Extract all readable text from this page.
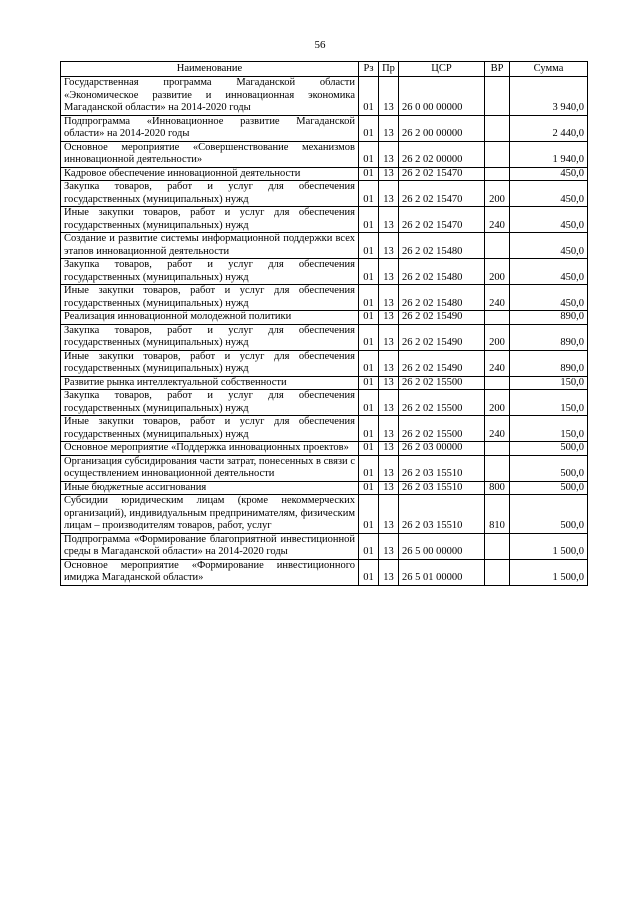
56
Наименование	Рз	Пр	ЦСР	ВР	Сумма
Государственная программа Магаданской области «Экономическое развитие и инновационная экономика Магаданской области» на 2014-2020 годы	01	13	26 0 00 00000		3 940,0
Подпрограмма «Инновационное развитие Магаданской области» на 2014-2020 годы	01	13	26 2 00 00000		2 440,0
Основное мероприятие «Совершенствование механизмов инновационной деятельности»	01	13	26 2 02 00000		1 940,0
Кадровое обеспечение инновационной деятельности	01	13	26 2 02 15470		450,0
Закупка товаров, работ и услуг для обеспечения государственных (муниципальных) нужд	01	13	26 2 02 15470	200	450,0
Иные закупки товаров, работ и услуг для обеспечения государственных (муниципальных) нужд	01	13	26 2 02 15470	240	450,0
Создание и развитие системы информационной поддержки всех этапов инновационной деятельности	01	13	26 2 02 15480		450,0
Закупка товаров, работ и услуг для обеспечения государственных (муниципальных) нужд	01	13	26 2 02 15480	200	450,0
Иные закупки товаров, работ и услуг для обеспечения государственных (муниципальных) нужд	01	13	26 2 02 15480	240	450,0
Реализация инновационной молодежной политики	01	13	26 2 02 15490		890,0
Закупка товаров, работ и услуг для обеспечения государственных (муниципальных) нужд	01	13	26 2 02 15490	200	890,0
Иные закупки товаров, работ и услуг для обеспечения государственных (муниципальных) нужд	01	13	26 2 02 15490	240	890,0
Развитие рынка интеллектуальной собственности	01	13	26 2 02 15500		150,0
Закупка товаров, работ и услуг для обеспечения государственных (муниципальных) нужд	01	13	26 2 02 15500	200	150,0
Иные закупки товаров, работ и услуг для обеспечения государственных (муниципальных) нужд	01	13	26 2 02 15500	240	150,0
Основное мероприятие «Поддержка инновационных проектов»	01	13	26 2 03 00000		500,0
Организация субсидирования части затрат, понесенных в связи с осуществлением инновационной деятельности	01	13	26 2 03 15510		500,0
Иные бюджетные ассигнования	01	13	26 2 03 15510	800	500,0
Субсидии юридическим лицам (кроме некоммерческих организаций), индивидуальным предпринимателям, физическим лицам – производителям товаров, работ, услуг	01	13	26 2 03 15510	810	500,0
Подпрограмма «Формирование благоприятной инвестиционной среды в Магаданской области» на 2014-2020 годы	01	13	26 5 00 00000		1 500,0
Основное мероприятие «Формирование инвестиционного имиджа Магаданской области»	01	13	26 5 01 00000		1 500,0
